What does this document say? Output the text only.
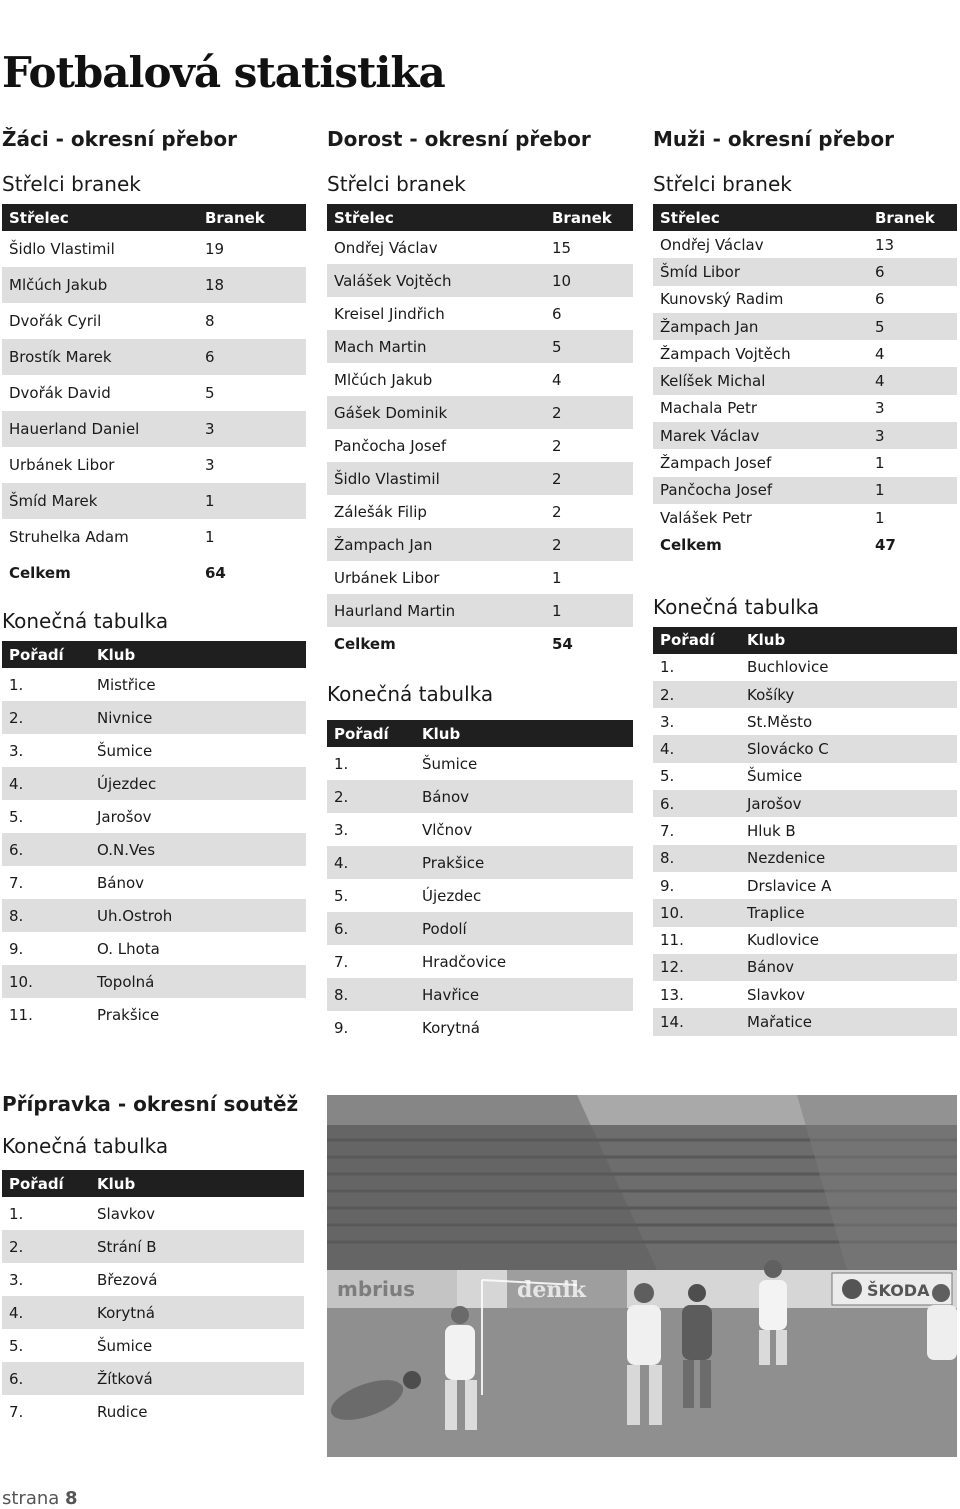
Fotbalová statistika
Žáci - okresní přebor
Střelci branek
Střelec	Branek
Šidlo Vlastimil	19
Mlčúch Jakub	18
Dvořák Cyril	8
Brostík Marek	6
Dvořák David	5
Hauerland Daniel	3
Urbánek Libor	3
Šmíd Marek	1
Struhelka Adam	1
Celkem	64
Konečná tabulka
Pořadí	Klub
1.	Mistřice
2.	Nivnice
3.	Šumice
4.	Újezdec
5.	Jarošov
6.	O.N.Ves
7.	Bánov
8.	Uh.Ostroh
9.	O. Lhota
10.	Topolná
11.	Prakšice
Dorost - okresní přebor
Střelci branek
Střelec	Branek
Ondřej Václav	15
Valášek Vojtěch	10
Kreisel Jindřich	6
Mach Martin	5
Mlčúch Jakub	4
Gášek Dominik	2
Pančocha Josef	2
Šidlo Vlastimil	2
Zálešák Filip	2
Žampach Jan	2
Urbánek Libor	1
Haurland Martin	1
Celkem	54
Konečná tabulka
Pořadí	Klub
1.	Šumice
2.	Bánov
3.	Vlčnov
4.	Prakšice
5.	Újezdec
6.	Podolí
7.	Hradčovice
8.	Havřice
9.	Korytná
Muži - okresní přebor
Střelci branek
Střelec	Branek
Ondřej Václav	13
Šmíd Libor	6
Kunovský Radim	6
Žampach Jan	5
Žampach Vojtěch	4
Kelíšek Michal	4
Machala Petr	3
Marek Václav	3
Žampach Josef	1
Pančocha Josef	1
Valášek Petr	1
Celkem	47
Konečná tabulka
Pořadí	Klub
1.	Buchlovice
2.	Košíky
3.	St.Město
4.	Slovácko C
5.	Šumice
6.	Jarošov
7.	Hluk B
8.	Nezdenice
9.	Drslavice A
10.	Traplice
11.	Kudlovice
12.	Bánov
13.	Slavkov
14.	Mařatice
Přípravka - okresní soutěž
Konečná tabulka
Pořadí	Klub
1.	Slavkov
2.	Strání B
3.	Březová
4.	Korytná
5.	Šumice
6.	Žítková
7.	Rudice
mbrius	denik	ŠKODA
strana 8
